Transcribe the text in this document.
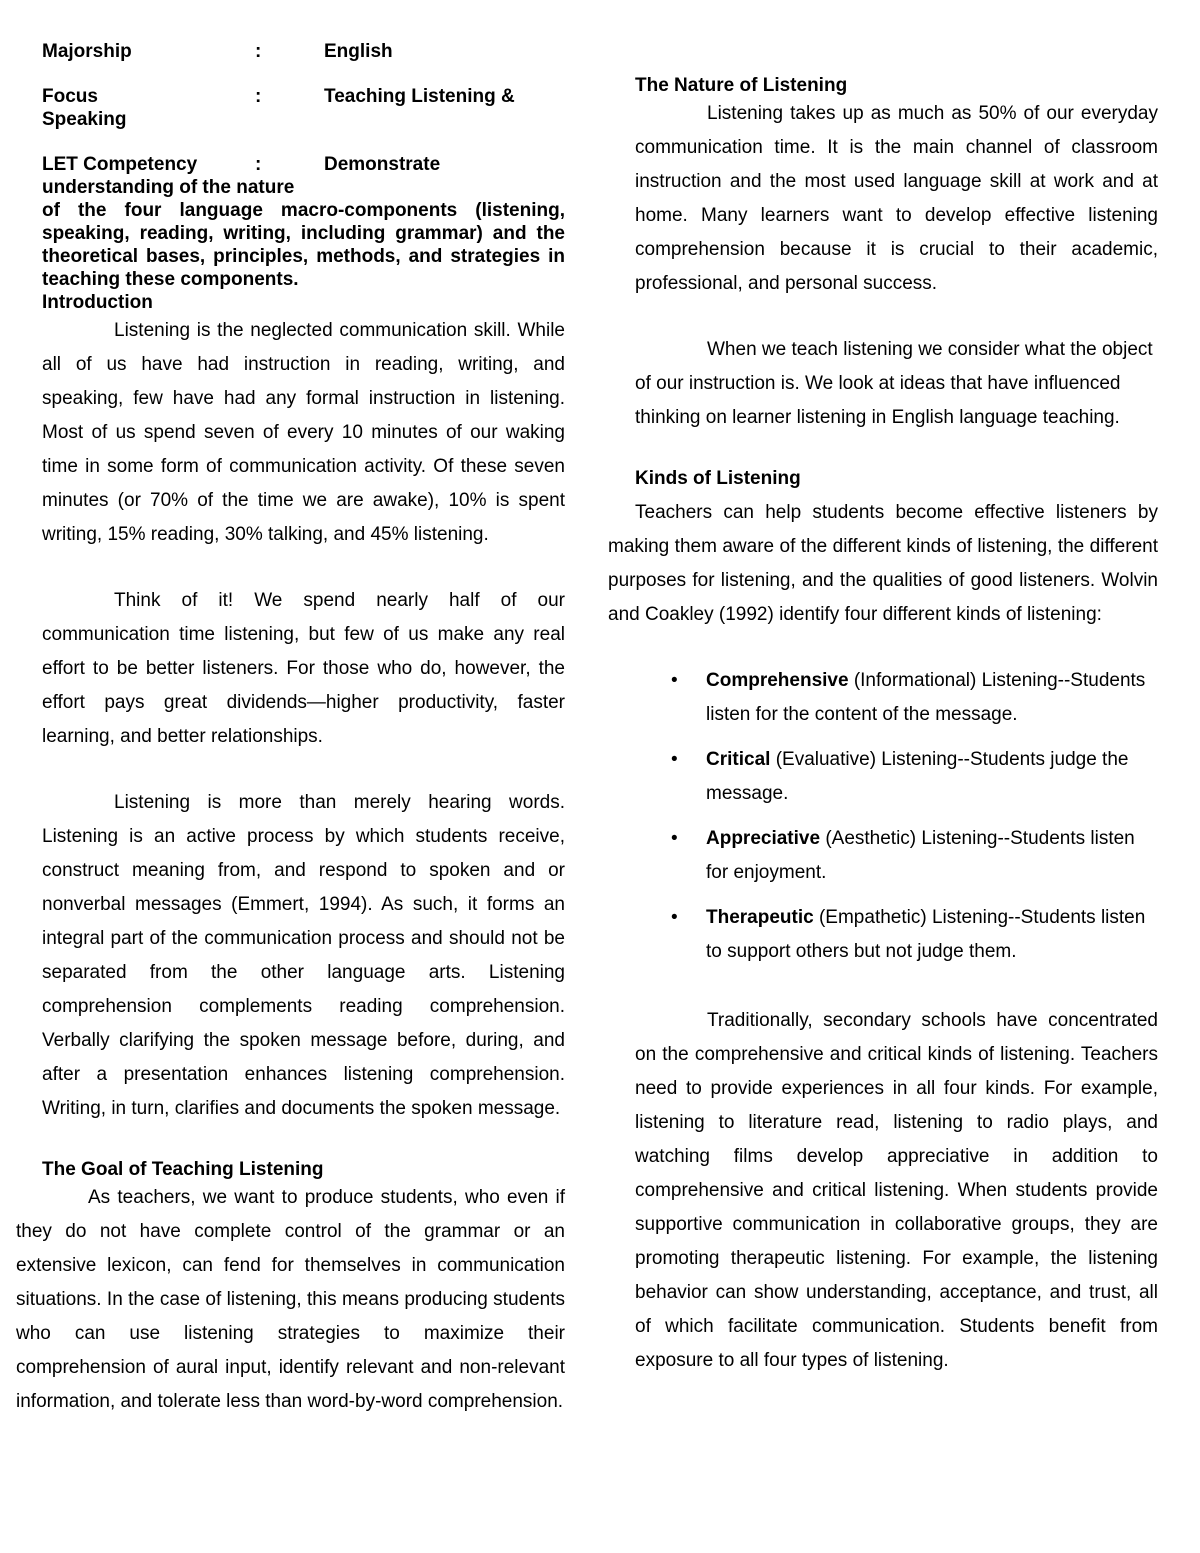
Majorship	:	English
Focus	:	Teaching Listening &
Speaking
LET Competency	:	Demonstrate
understanding of the nature
of the four language macro-components (listening, speaking, reading, writing, including grammar) and the theoretical bases, principles, methods, and strategies in teaching these components.
Introduction

Listening is the neglected communication skill. While all of us have had instruction in reading, writing, and speaking, few have had any formal instruction in listening. Most of us spend seven of every 10 minutes of our waking time in some form of communication activity. Of these seven minutes (or 70% of the time we are awake), 10% is spent writing, 15% reading, 30% talking, and 45% listening.

Think of it! We spend nearly half of our communication time listening, but few of us make any real effort to be better listeners. For those who do, however, the effort pays great dividends—higher productivity, faster learning, and better relationships.

Listening is more than merely hearing words. Listening is an active process by which students receive, construct meaning from, and respond to spoken and or nonverbal messages (Emmert, 1994). As such, it forms an integral part of the communication process and should not be separated from the other language arts. Listening comprehension complements reading comprehension. Verbally clarifying the spoken message before, during, and after a presentation enhances listening comprehension. Writing, in turn, clarifies and documents the spoken message.

The Goal of Teaching Listening

As teachers, we want to produce students, who even if they do not have complete control of the grammar or an extensive lexicon, can fend for themselves in communication situations. In the case of listening, this means producing students who can use listening strategies to maximize their comprehension of aural input, identify relevant and non-relevant information, and tolerate less than word-by-word comprehension.

The Nature of Listening

Listening takes up as much as 50% of our everyday communication time. It is the main channel of classroom instruction and the most used language skill at work and at home. Many learners want to develop effective listening comprehension because it is crucial to their academic, professional, and personal success.

When we teach listening we consider what the object of our instruction is. We look at ideas that have influenced thinking on learner listening in English language teaching.

Kinds of Listening

Teachers can help students become effective listeners by making them aware of the different kinds of listening, the different purposes for listening, and the qualities of good listeners. Wolvin and Coakley (1992) identify four different kinds of listening:

• Comprehensive (Informational) Listening--Students listen for the content of the message.
• Critical (Evaluative) Listening--Students judge the message.
• Appreciative (Aesthetic) Listening--Students listen for enjoyment.
• Therapeutic (Empathetic) Listening--Students listen to support others but not judge them.

Traditionally, secondary schools have concentrated on the comprehensive and critical kinds of listening. Teachers need to provide experiences in all four kinds. For example, listening to literature read, listening to radio plays, and watching films develop appreciative in addition to comprehensive and critical listening. When students provide supportive communication in collaborative groups, they are promoting therapeutic listening. For example, the listening behavior can show understanding, acceptance, and trust, all of which facilitate communication. Students benefit from exposure to all four types of listening.
